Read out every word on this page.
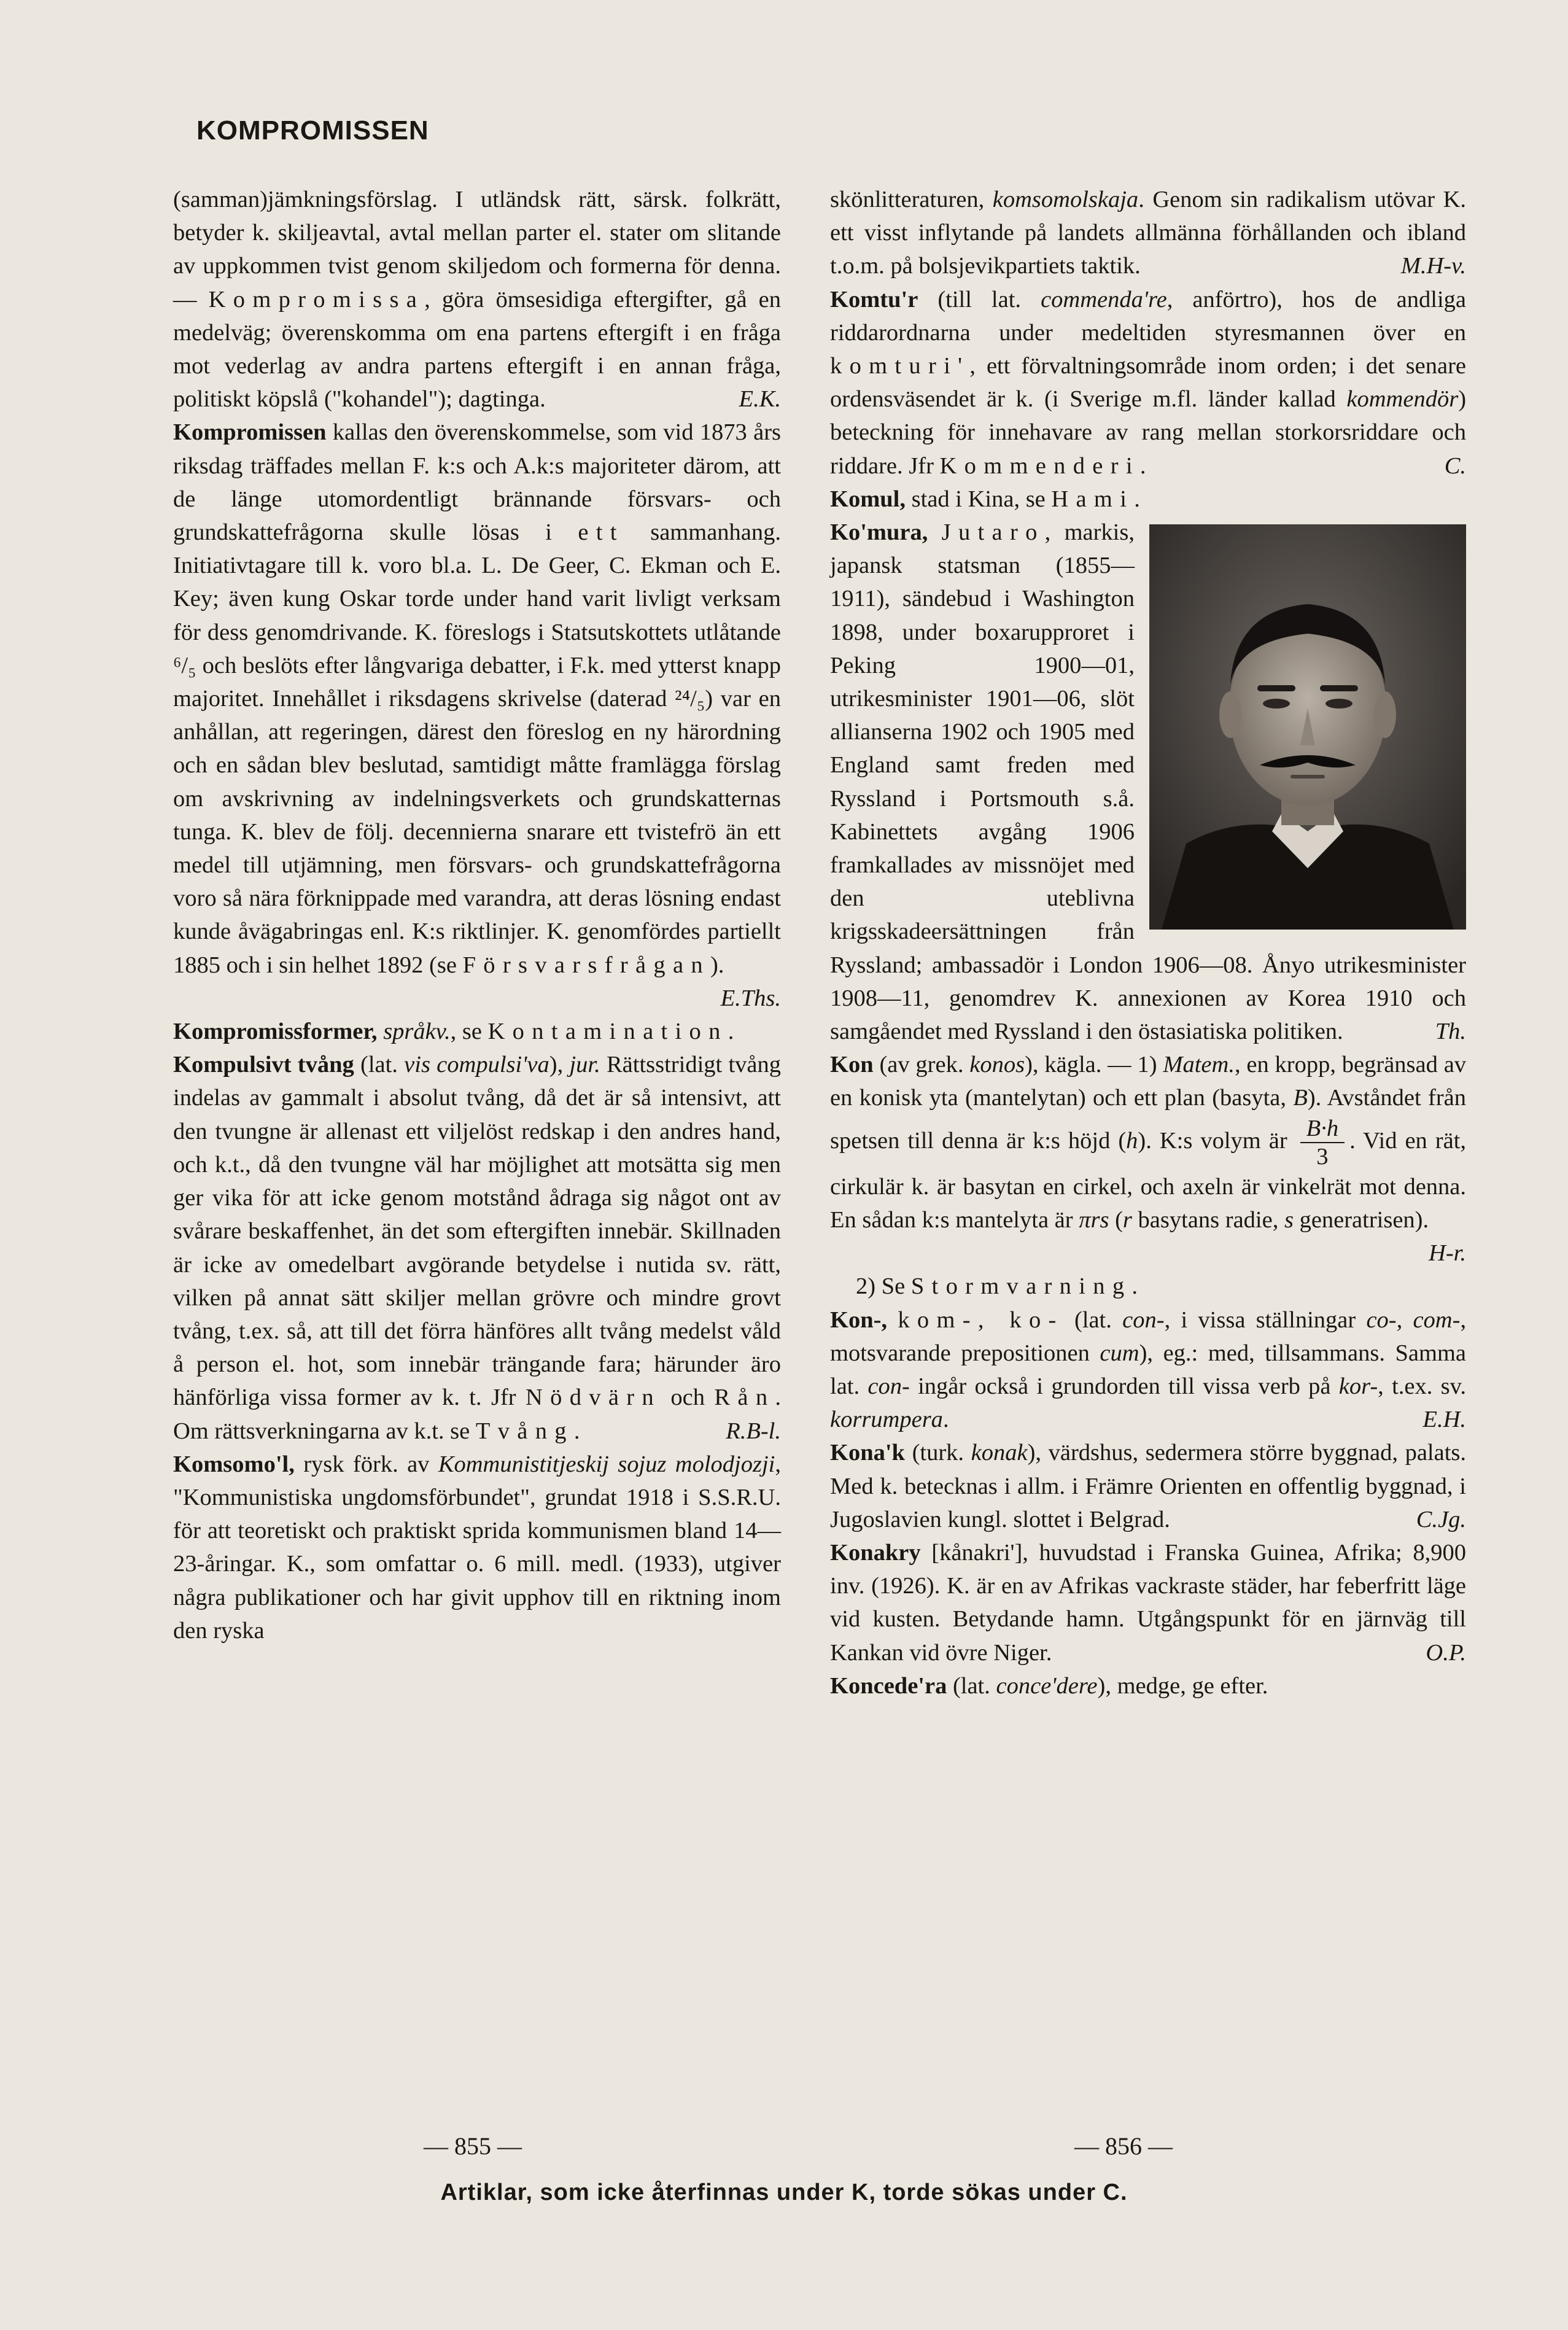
KOMPROMISSEN

(samman)jämkningsförslag. I utländsk rätt, särsk. folkrätt, betyder k. skiljeavtal, avtal mellan parter el. stater om slitande av uppkommen tvist genom skiljedom och formerna för denna. — Kompromissa, göra ömsesidiga eftergifter, gå en medelväg; överenskomma om ena partens eftergift i en fråga mot vederlag av andra partens eftergift i en annan fråga, politiskt köpslå ("kohandel"); dagtinga.	E.K.

Kompromissen kallas den överenskommelse, som vid 1873 års riksdag träffades mellan F. k:s och A.k:s majoriteter därom, att de länge utomordentligt brännande försvars- och grundskattefrågorna skulle lösas i ett sammanhang. Initiativtagare till k. voro bl.a. L. De Geer, C. Ekman och E. Key; även kung Oskar torde under hand varit livligt verksam för dess genomdrivande. K. föreslogs i Statsutskottets utlåtande ⁶/₅ och beslöts efter långvariga debatter, i F.k. med ytterst knapp majoritet. Innehållet i riksdagens skrivelse (daterad ²⁴/₅) var en anhållan, att regeringen, därest den föreslog en ny härordning och en sådan blev beslutad, samtidigt måtte framlägga förslag om avskrivning av indelningsverkets och grundskatternas tunga. K. blev de följ. decennierna snarare ett tvistefrö än ett medel till utjämning, men försvars- och grundskattefrågorna voro så nära förknippade med varandra, att deras lösning endast kunde åvägabringas enl. K:s riktlinjer. K. genomfördes partiellt 1885 och i sin helhet 1892 (se Försvarsfrågan).
E.Ths.

Kompromissformer, språkv., se Kontamination.

Kompulsivt tvång (lat. vis compulsi'va), jur. Rättsstridigt tvång indelas av gammalt i absolut tvång, då det är så intensivt, att den tvungne är allenast ett viljelöst redskap i den andres hand, och k.t., då den tvungne väl har möjlighet att motsätta sig men ger vika för att icke genom motstånd ådraga sig något ont av svårare beskaffenhet, än det som eftergiften innebär. Skillnaden är icke av omedelbart avgörande betydelse i nutida sv. rätt, vilken på annat sätt skiljer mellan grövre och mindre grovt tvång, t.ex. så, att till det förra hänföres allt tvång medelst våld å person el. hot, som innebär trängande fara; härunder äro hänförliga vissa former av k. t. Jfr Nödvärn och Rån. Om rättsverkningarna av k.t. se Tvång.	R.B-l.

Komsomo'l, rysk förk. av Kommunistitjeskij sojuz molodjozji, "Kommunistiska ungdomsförbundet", grundat 1918 i S.S.R.U. för att teoretiskt och praktiskt sprida kommunismen bland 14—23-åringar. K., som omfattar o. 6 mill. medl. (1933), utgiver några publikationer och har givit upphov till en riktning inom den ryska

skönlitteraturen, komsomolskaja. Genom sin radikalism utövar K. ett visst inflytande på landets allmänna förhållanden och ibland t.o.m. på bolsjevikpartiets taktik.	M.H-v.

Komtu'r (till lat. commenda're, anförtro), hos de andliga riddarordnarna under medeltiden styresmannen över en komturi', ett förvaltningsområde inom orden; i det senare ordensväsendet är k. (i Sverige m.fl. länder kallad kommendör) beteckning för innehavare av rang mellan storkorsriddare och riddare. Jfr Kommenderi.	C.

Komul, stad i Kina, se Hami.

Ko'mura, Jutaro, markis, japansk statsman (1855—1911), sändebud i Washington 1898, under boxarupproret i Peking 1900—01, utrikesminister 1901—06, slöt allianserna 1902 och 1905 med England samt freden med Ryssland i Portsmouth s.å. Kabinettets avgång 1906 framkallades av missnöjet med den uteblivna krigsskadeersättningen från Ryssland; ambassadör i London 1906—08. Ånyo utrikesminister 1908—11, genomdrev K. annexionen av Korea 1910 och samgåendet med Ryssland i den östasiatiska politiken.	Th.

Kon (av grek. konos), kägla. — 1) Matem., en kropp, begränsad av en konisk yta (mantelytan) och ett plan (basyta, B). Avståndet från spetsen till denna är k:s höjd (h). K:s volym är $\frac{B\cdot h}{3}$ . Vid en rät, cirkulär k. är basytan en cirkel, och axeln är vinkelrät mot denna. En sådan k:s mantelyta är πrs (r basytans radie, s generatrisen).
H-r.

2) Se Stormvarning.

Kon-, kom-, ko- (lat. con-, i vissa ställningar co-, com-, motsvarande prepositionen cum), eg.: med, tillsammans. Samma lat. con- ingår också i grundorden till vissa verb på kor-, t.ex. sv. korrumpera.	E.H.

Kona'k (turk. konak), värdshus, sedermera större byggnad, palats. Med k. betecknas i allm. i Främre Orienten en offentlig byggnad, i Jugoslavien kungl. slottet i Belgrad.	C.Jg.

Konakry [kånakri'], huvudstad i Franska Guinea, Afrika; 8,900 inv. (1926). K. är en av Afrikas vackraste städer, har feberfritt läge vid kusten. Betydande hamn. Utgångspunkt för en järnväg till Kankan vid övre Niger.	O.P.

Koncede'ra (lat. conce'dere), medge, ge efter.

— 855 —	— 856 —
Artiklar, som icke återfinnas under K, torde sökas under C.
